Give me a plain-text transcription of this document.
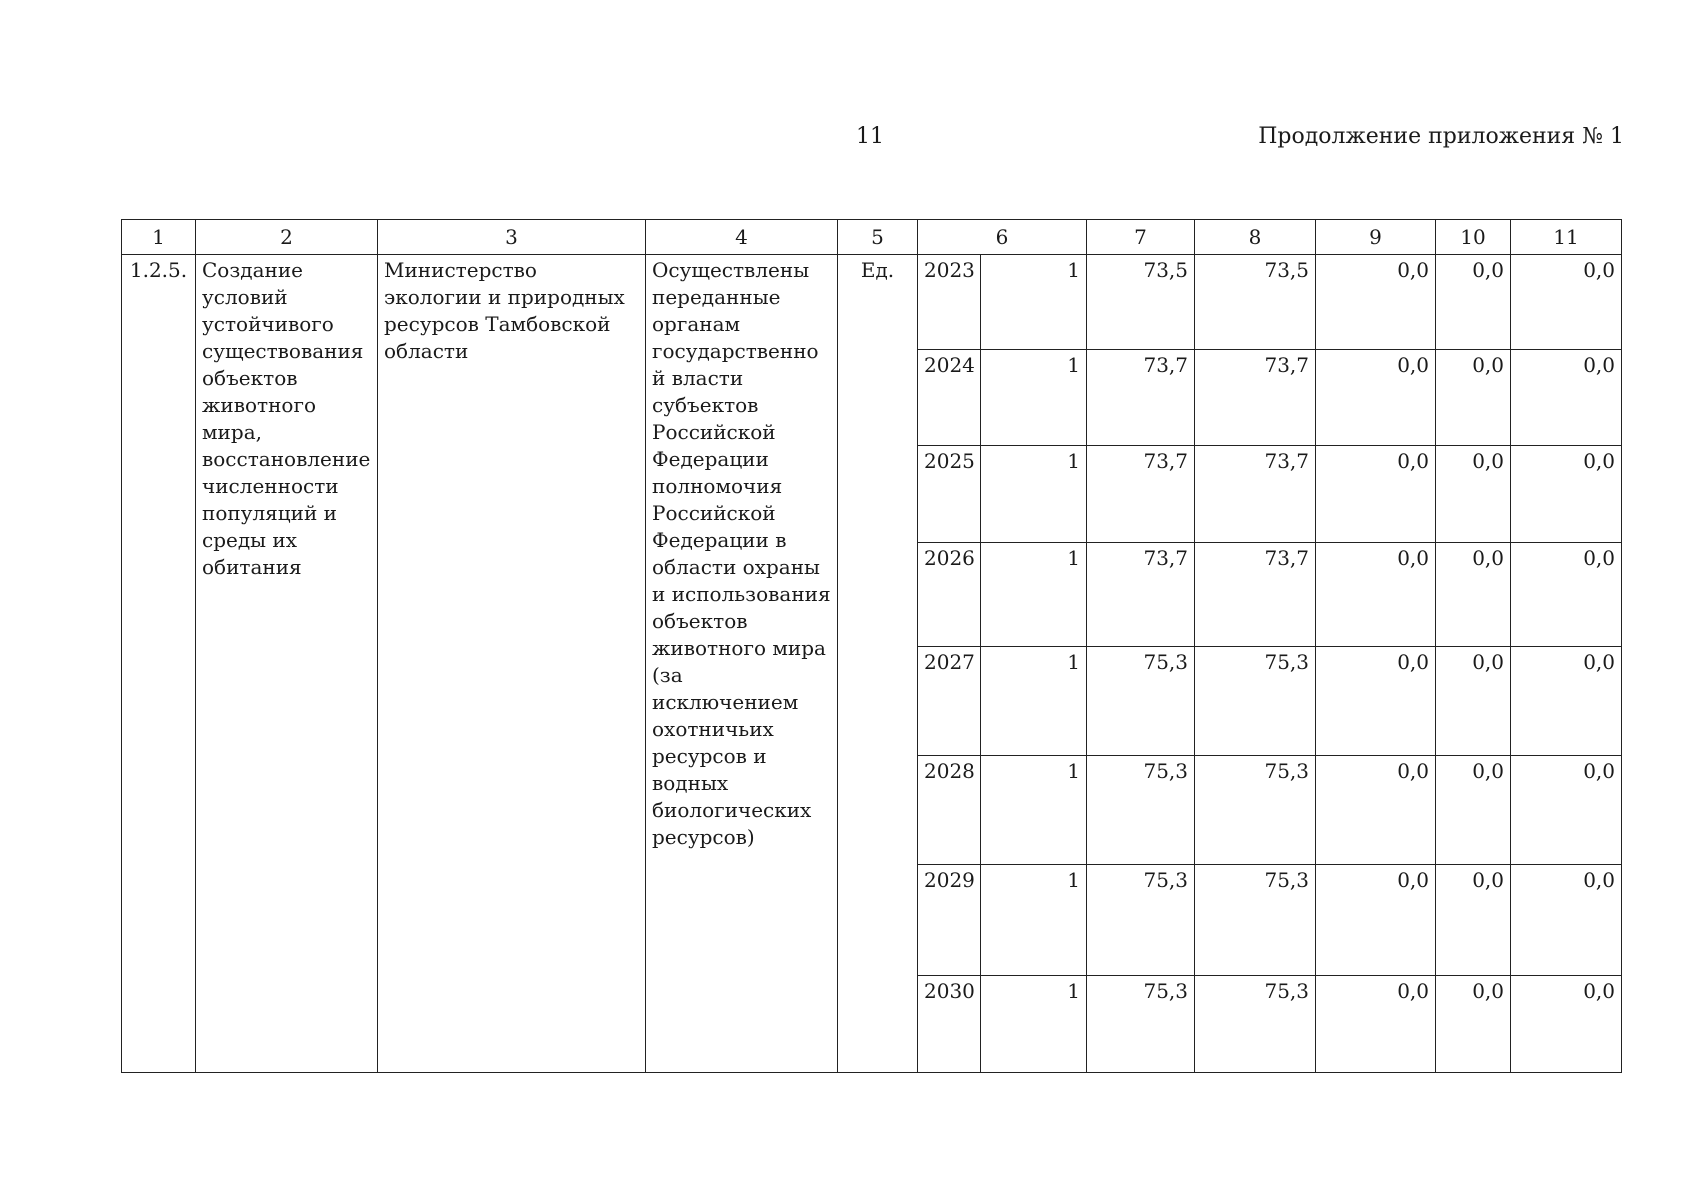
11	Продолжение приложения № 1
1	2	3	4	5	6		7	8	9	10	11
1.2.5.	Создание условий устойчивого существования объектов животного мира, восстановление численности популяций и среды их обитания	Министерство экологии и природных ресурсов Тамбовской области	Осуществлены переданные органам государственной власти субъектов Российской Федерации полномочия Российской Федерации в области охраны и использования объектов животного мира (за исключением охотничьих ресурсов и водных биологических ресурсов)	Ед.	2023	1	73,5	73,5	0,0	0,0	0,0
					2024	1	73,7	73,7	0,0	0,0	0,0
					2025	1	73,7	73,7	0,0	0,0	0,0
					2026	1	73,7	73,7	0,0	0,0	0,0
					2027	1	75,3	75,3	0,0	0,0	0,0
					2028	1	75,3	75,3	0,0	0,0	0,0
					2029	1	75,3	75,3	0,0	0,0	0,0
					2030	1	75,3	75,3	0,0	0,0	0,0
